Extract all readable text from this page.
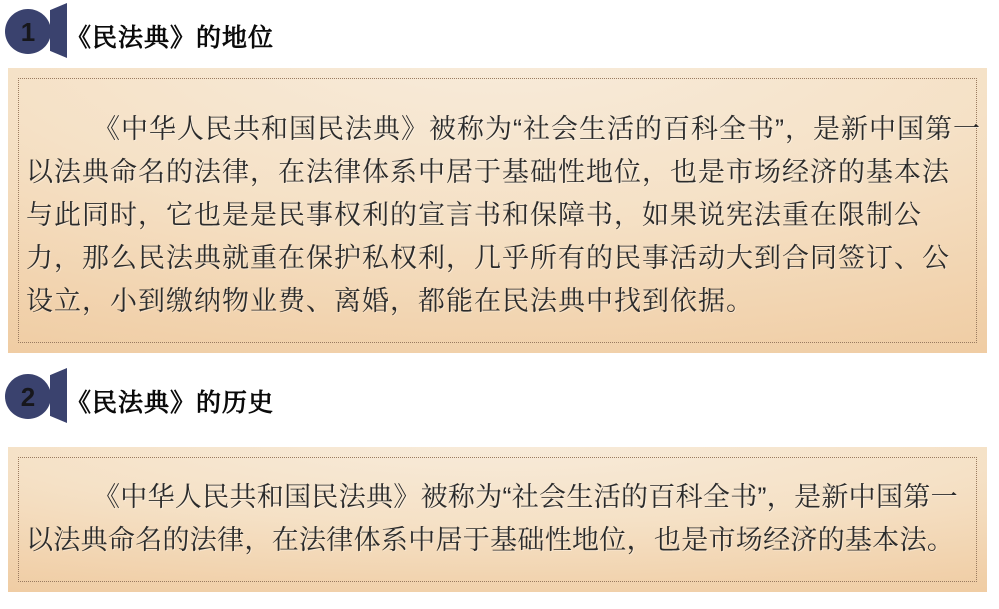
1 《民法典》的地位
《中华人民共和国民法典》被称为“社会生活的百科全书”，是新中国第一
以法典命名的法律，在法律体系中居于基础性地位，也是市场经济的基本法
与此同时，它也是是民事权利的宣言书和保障书，如果说宪法重在限制公
力，那么民法典就重在保护私权利，几乎所有的民事活动大到合同签订、公
设立，小到缴纳物业费、离婚，都能在民法典中找到依据。
2 《民法典》的历史
《中华人民共和国民法典》被称为“社会生活的百科全书”，是新中国第一
以法典命名的法律，在法律体系中居于基础性地位，也是市场经济的基本法。
